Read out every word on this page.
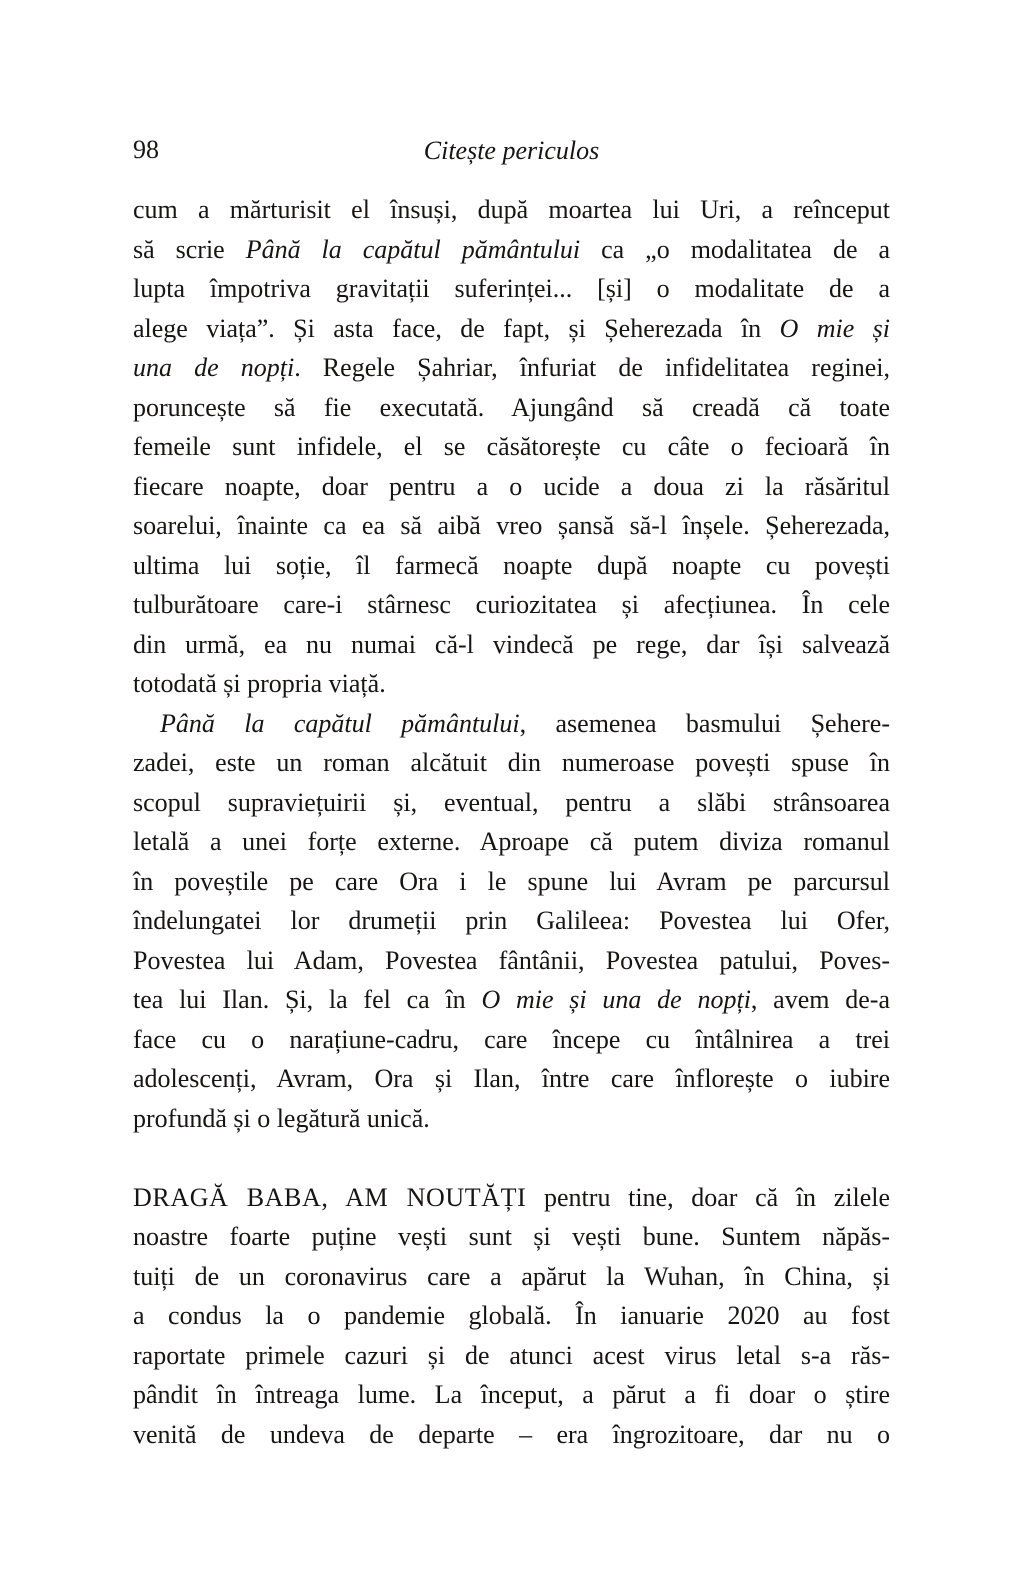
98	Citește periculos
cum a mărturisit el însuși, după moartea lui Uri, a reînceput
să scrie Până la capătul pământului ca „o modalitatea de a
lupta împotriva gravitații suferinței... [și] o modalitate de a
alege viața”. Și asta face, de fapt, și Șeherezada în O mie și
una de nopți. Regele Șahriar, înfuriat de infidelitatea reginei,
poruncește să fie executată. Ajungând să creadă că toate
femeile sunt infidele, el se căsătorește cu câte o fecioară în
fiecare noapte, doar pentru a o ucide a doua zi la răsăritul
soarelui, înainte ca ea să aibă vreo șansă să-l înșele. Șeherezada,
ultima lui soție, îl farmecă noapte după noapte cu povești
tulburătoare care-i stârnesc curiozitatea și afecțiunea. În cele
din urmă, ea nu numai că-l vindecă pe rege, dar își salvează
totodată și propria viață.
Până la capătul pământului, asemenea basmului Șehere-
zadei, este un roman alcătuit din numeroase povești spuse în
scopul supraviețuirii și, eventual, pentru a slăbi strânsoarea
letală a unei forțe externe. Aproape că putem diviza romanul
în poveștile pe care Ora i le spune lui Avram pe parcursul
îndelungatei lor drumeții prin Galileea: Povestea lui Ofer,
Povestea lui Adam, Povestea fântânii, Povestea patului, Poves-
tea lui Ilan. Și, la fel ca în O mie și una de nopți, avem de-a
face cu o narațiune-cadru, care începe cu întâlnirea a trei
adolescenți, Avram, Ora și Ilan, între care înflorește o iubire
profundă și o legătură unică.
DRAGĂ BABA, AM NOUTĂȚI pentru tine, doar că în zilele
noastre foarte puține vești sunt și vești bune. Suntem năpăs-
tuiți de un coronavirus care a apărut la Wuhan, în China, și
a condus la o pandemie globală. În ianuarie 2020 au fost
raportate primele cazuri și de atunci acest virus letal s-a răs-
pândit în întreaga lume. La început, a părut a fi doar o știre
venită de undeva de departe – era îngrozitoare, dar nu o
